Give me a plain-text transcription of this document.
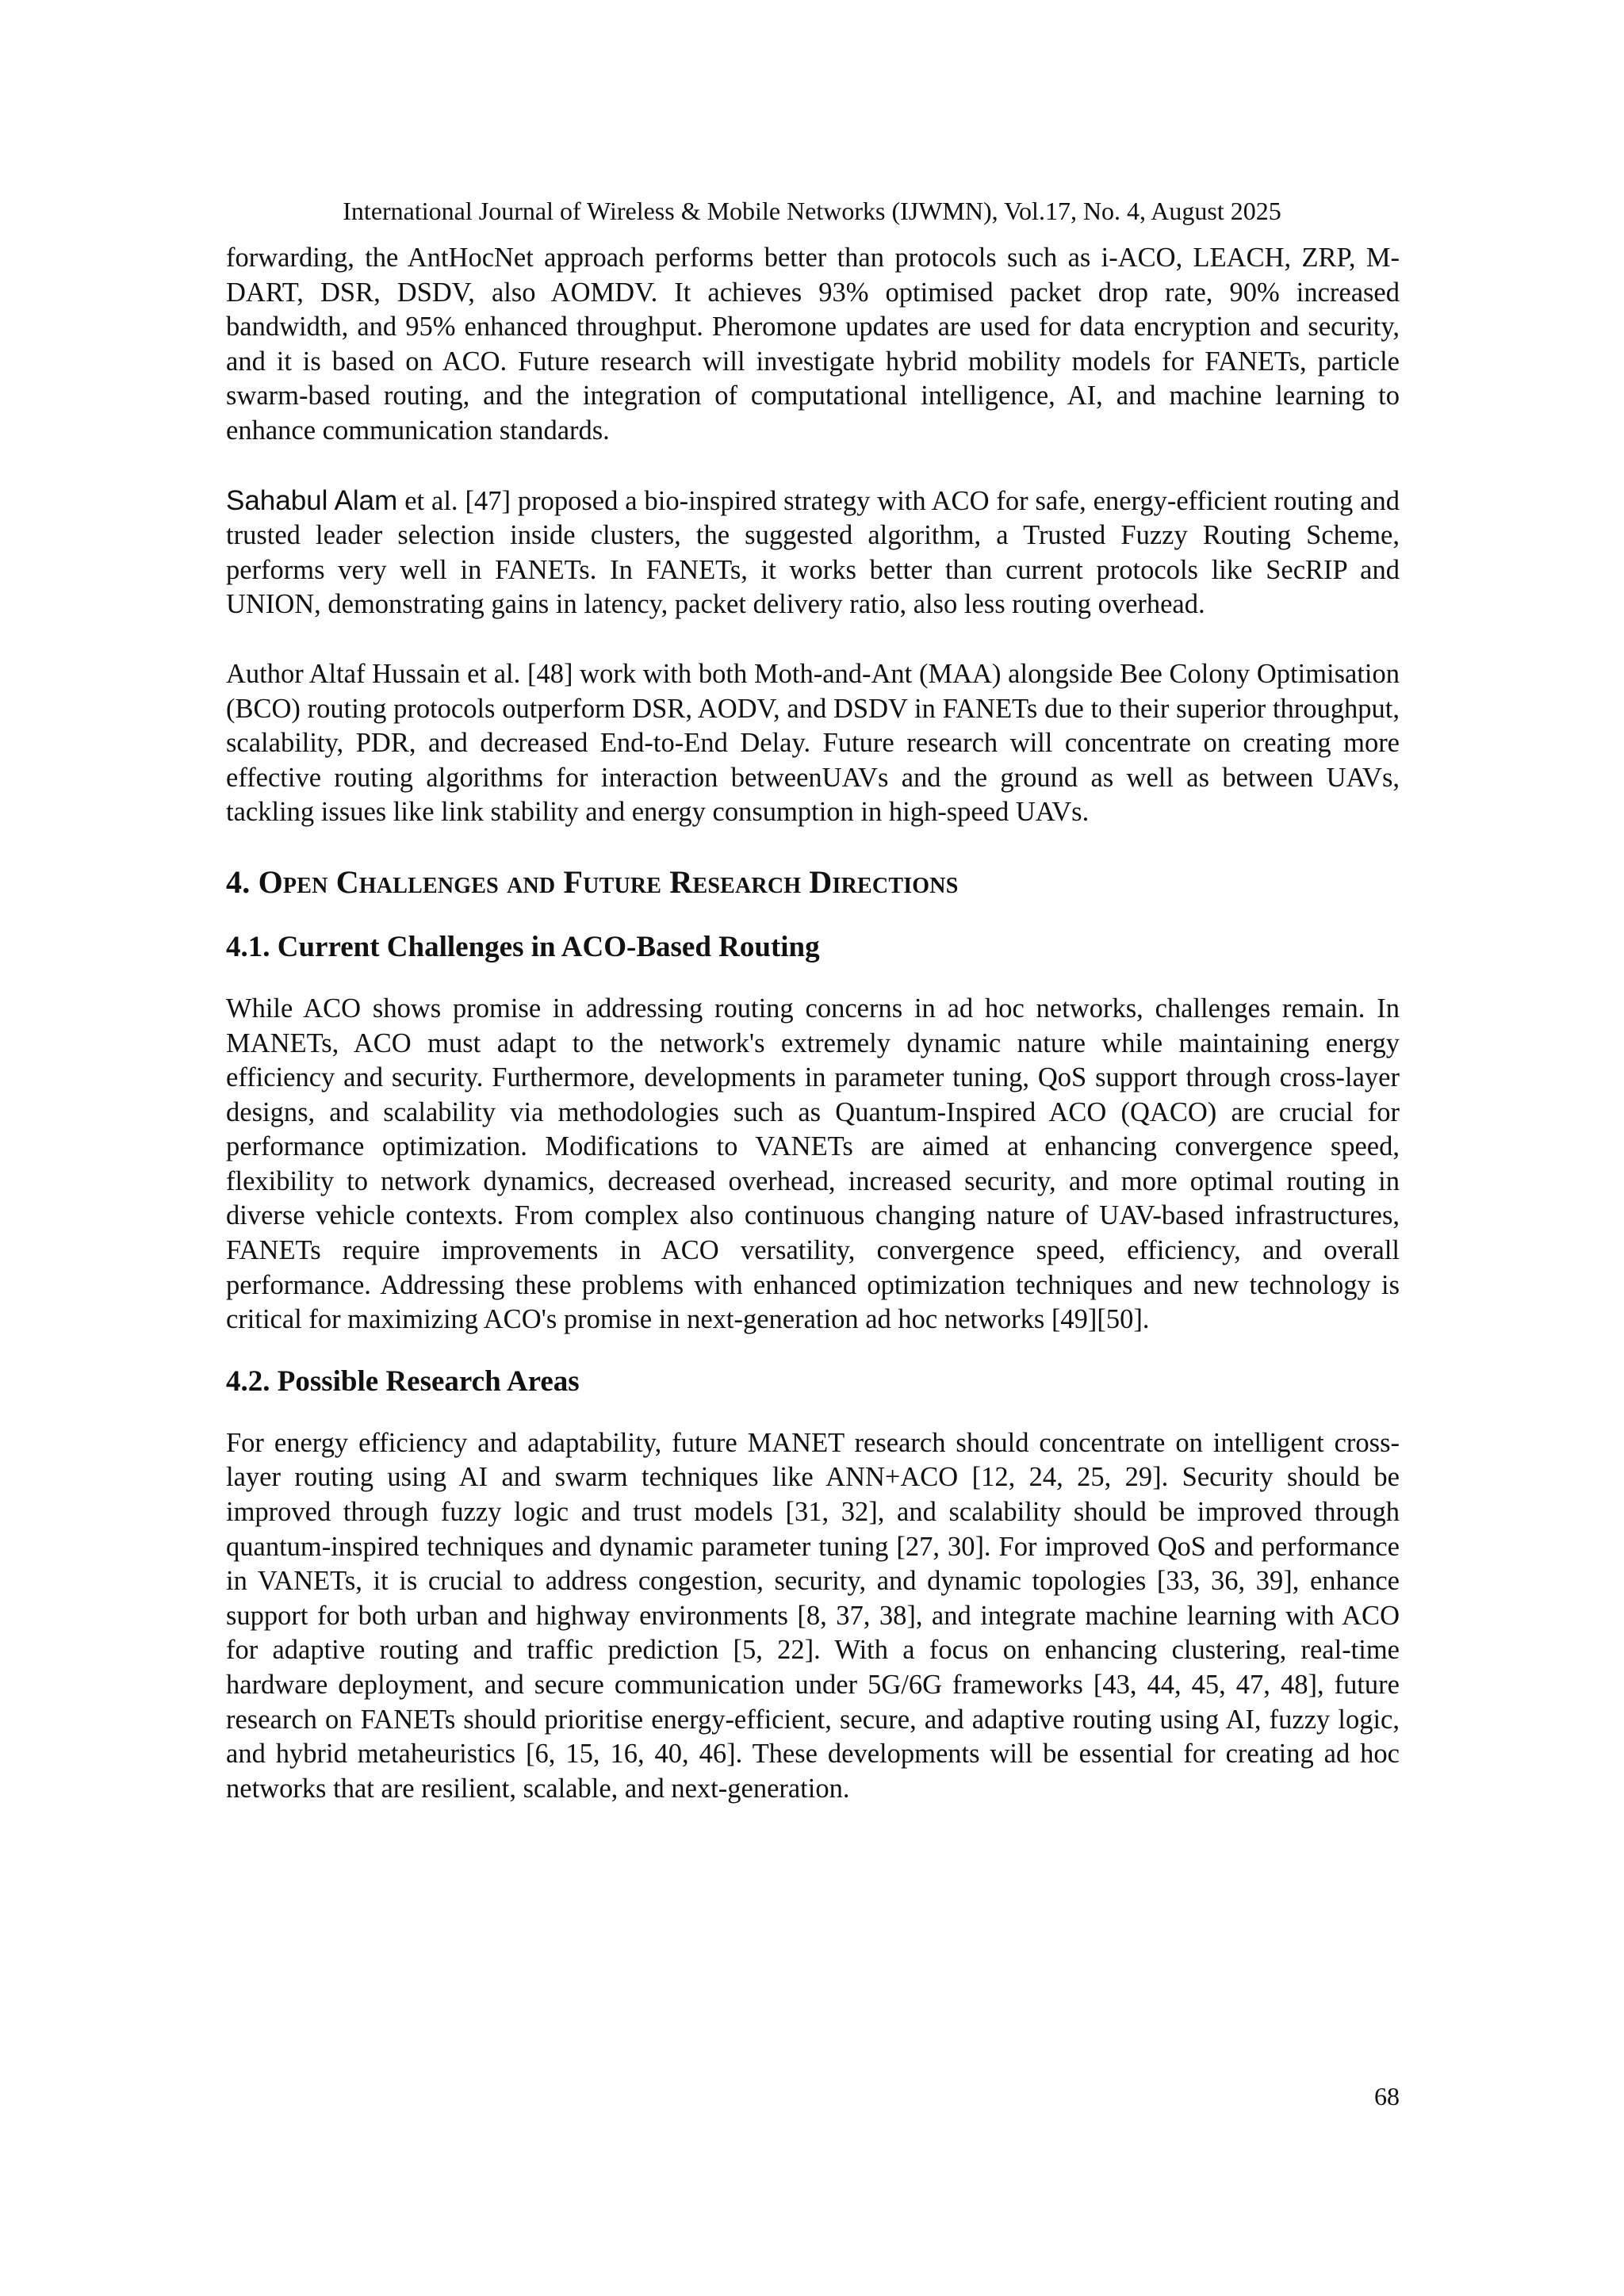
International Journal of Wireless & Mobile Networks (IJWMN), Vol.17, No. 4, August 2025

forwarding, the AntHocNet approach performs better than protocols such as i-ACO, LEACH, ZRP, M-DART, DSR, DSDV, also AOMDV. It achieves 93% optimised packet drop rate, 90% increased bandwidth, and 95% enhanced throughput. Pheromone updates are used for data encryption and security, and it is based on ACO. Future research will investigate hybrid mobility models for FANETs, particle swarm-based routing, and the integration of computational intelligence, AI, and machine learning to enhance communication standards.

Sahabul Alam et al. [47] proposed a bio-inspired strategy with ACO for safe, energy-efficient routing and trusted leader selection inside clusters, the suggested algorithm, a Trusted Fuzzy Routing Scheme, performs very well in FANETs. In FANETs, it works better than current protocols like SecRIP and UNION, demonstrating gains in latency, packet delivery ratio, also less routing overhead.

Author Altaf Hussain et al. [48] work with both Moth-and-Ant (MAA) alongside Bee Colony Optimisation (BCO) routing protocols outperform DSR, AODV, and DSDV in FANETs due to their superior throughput, scalability, PDR, and decreased End-to-End Delay. Future research will concentrate on creating more effective routing algorithms for interaction betweenUAVs and the ground as well as between UAVs, tackling issues like link stability and energy consumption in high-speed UAVs.

4. Open Challenges and Future Research Directions
4.1. Current Challenges in ACO-Based Routing

While ACO shows promise in addressing routing concerns in ad hoc networks, challenges remain. In MANETs, ACO must adapt to the network's extremely dynamic nature while maintaining energy efficiency and security. Furthermore, developments in parameter tuning, QoS support through cross-layer designs, and scalability via methodologies such as Quantum-Inspired ACO (QACO) are crucial for performance optimization. Modifications to VANETs are aimed at enhancing convergence speed, flexibility to network dynamics, decreased overhead, increased security, and more optimal routing in diverse vehicle contexts. From complex also continuous changing nature of UAV-based infrastructures, FANETs require improvements in ACO versatility, convergence speed, efficiency, and overall performance. Addressing these problems with enhanced optimization techniques and new technology is critical for maximizing ACO's promise in next-generation ad hoc networks [49][50].

4.2. Possible Research Areas

For energy efficiency and adaptability, future MANET research should concentrate on intelligent cross-layer routing using AI and swarm techniques like ANN+ACO [12, 24, 25, 29]. Security should be improved through fuzzy logic and trust models [31, 32], and scalability should be improved through quantum-inspired techniques and dynamic parameter tuning [27, 30]. For improved QoS and performance in VANETs, it is crucial to address congestion, security, and dynamic topologies [33, 36, 39], enhance support for both urban and highway environments [8, 37, 38], and integrate machine learning with ACO for adaptive routing and traffic prediction [5, 22]. With a focus on enhancing clustering, real-time hardware deployment, and secure communication under 5G/6G frameworks [43, 44, 45, 47, 48], future research on FANETs should prioritise energy-efficient, secure, and adaptive routing using AI, fuzzy logic, and hybrid metaheuristics [6, 15, 16, 40, 46]. These developments will be essential for creating ad hoc networks that are resilient, scalable, and next-generation.

68
